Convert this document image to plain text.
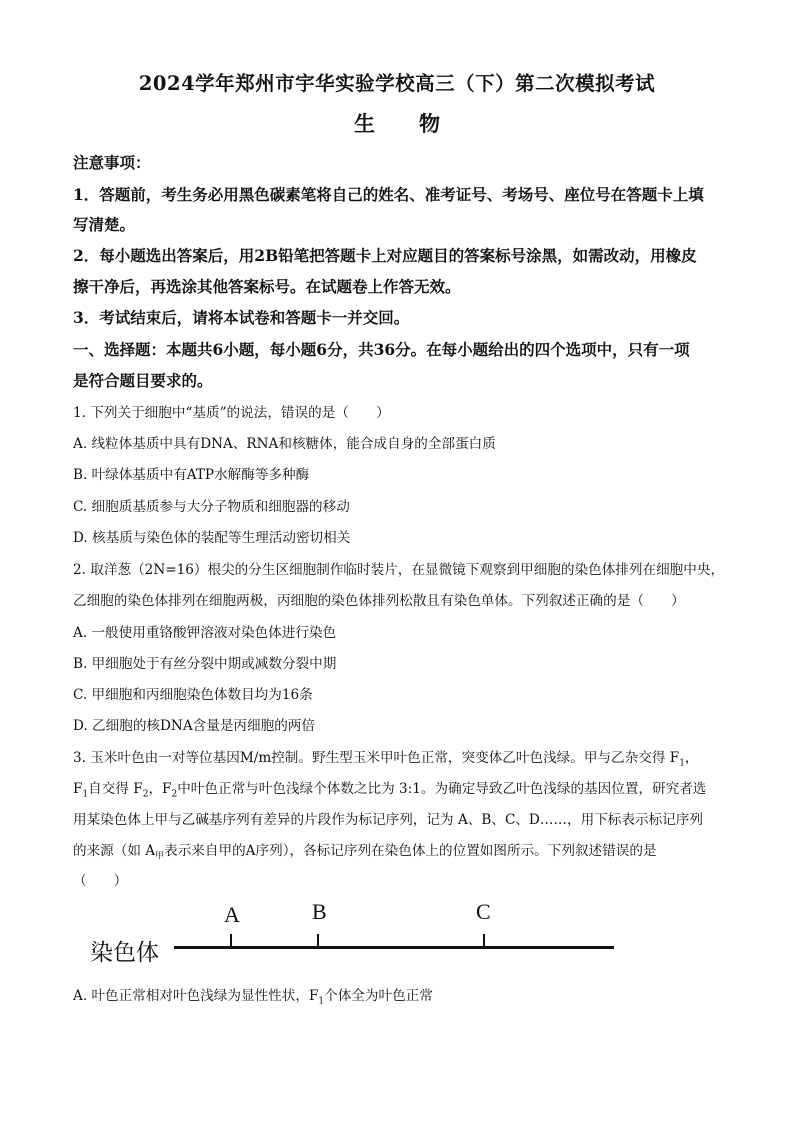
2024学年郑州市宇华实验学校高三（下）第二次模拟考试
生 物
注意事项：
1．答题前，考生务必用黑色碳素笔将自己的姓名、准考证号、考场号、座位号在答题卡上填
写清楚。
2．每小题选出答案后，用2B铅笔把答题卡上对应题目的答案标号涂黑，如需改动，用橡皮
擦干净后，再选涂其他答案标号。在试题卷上作答无效。
3．考试结束后，请将本试卷和答题卡一并交回。
一、选择题：本题共6小题，每小题6分，共36分。在每小题给出的四个选项中，只有一项
是符合题目要求的。
1. 下列关于细胞中“基质”的说法，错误的是（　　）
A. 线粒体基质中具有DNA、RNA和核糖体，能合成自身的全部蛋白质
B. 叶绿体基质中有ATP水解酶等多种酶
C. 细胞质基质参与大分子物质和细胞器的移动
D. 核基质与染色体的装配等生理活动密切相关
2. 取洋葱（2N=16）根尖的分生区细胞制作临时装片，在显微镜下观察到甲细胞的染色体排列在细胞中央，
乙细胞的染色体排列在细胞两极，丙细胞的染色体排列松散且有染色单体。下列叙述正确的是（　　）
A. 一般使用重铬酸钾溶液对染色体进行染色
B. 甲细胞处于有丝分裂中期或减数分裂中期
C. 甲细胞和丙细胞染色体数目均为16条
D. 乙细胞的核DNA含量是丙细胞的两倍
3. 玉米叶色由一对等位基因M/m控制。野生型玉米甲叶色正常，突变体乙叶色浅绿。甲与乙杂交得 $F_1$，
$F_1$自交得 $F_2$，$F_2$中叶色正常与叶色浅绿个体数之比为 3:1。为确定导致乙叶色浅绿的基因位置，研究者选
用某染色体上甲与乙碱基序列有差异的片段作为标记序列，记为 A、B、C、D……，用下标表示标记序列
的来源（如 $A_甲$表示来自甲的A序列），各标记序列在染色体上的位置如图所示。下列叙述错误的是
（　　）
染色体
A	B	C
A. 叶色正常相对叶色浅绿为显性性状，$F_1$个体全为叶色正常
